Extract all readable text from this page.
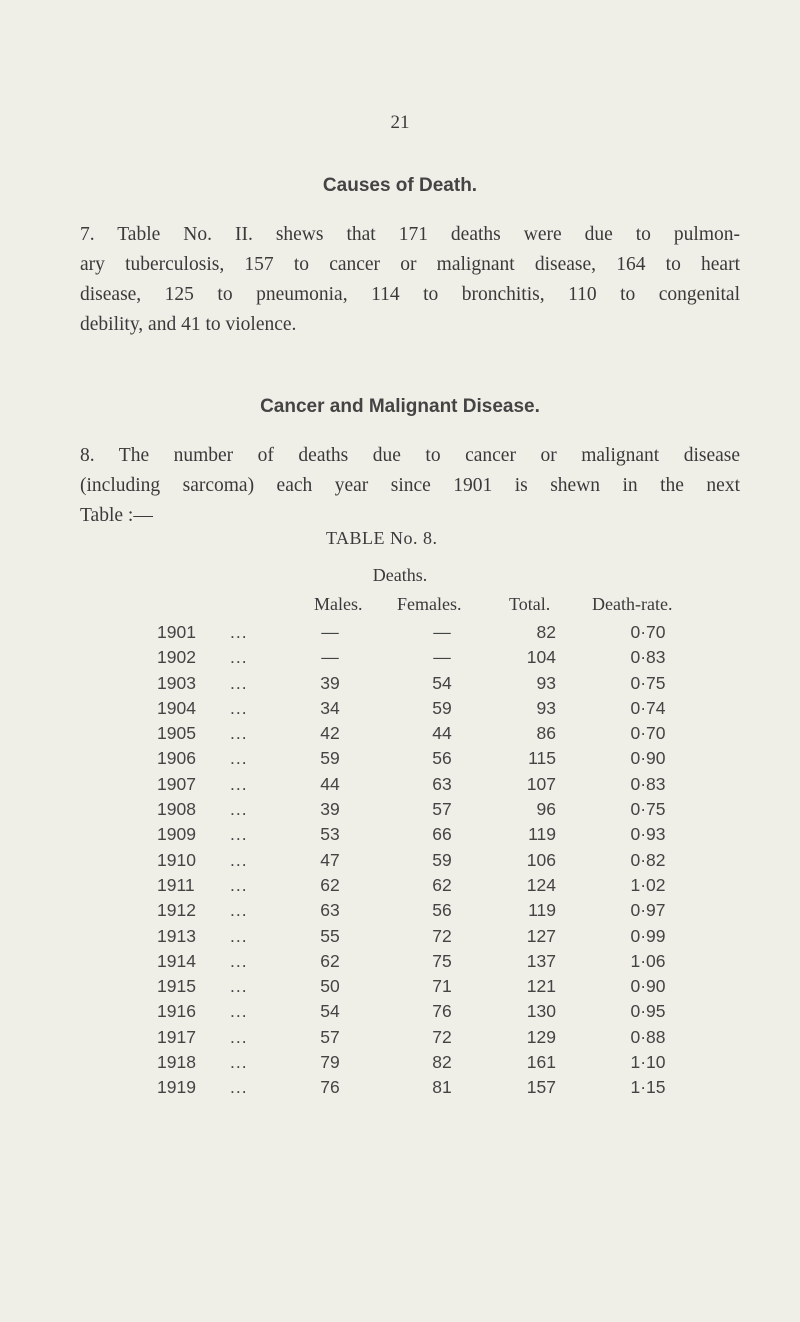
21
Causes of Death.
7. Table No. II. shews that 171 deaths were due to pulmon-
ary tuberculosis, 157 to cancer or malignant disease, 164 to heart
disease, 125 to pneumonia, 114 to bronchitis, 110 to congenital
debility, and 41 to violence.
Cancer and Malignant Disease.
8. The number of deaths due to cancer or malignant disease
(including sarcoma) each year since 1901 is shewn in the next
Table :—
TABLE No. 8.
Deaths.
Males. Females.	Total. Death-rate.
1901 ...	—	—	82	0·70
1902 ...	—	—	104	0·83
1903 ...	39	54	93	0·75
1904 ...	34	59	93	0·74
1905 ...	42	44	86	0·70
1906 ...	59	56	115	0·90
1907 ...	44	63	107	0·83
1908 ...	39	57	96	0·75
1909 ...	53	66	119	0·93
1910 ...	47	59	106	0·82
1911 ...	62	62	124	1·02
1912 ...	63	56	119	0·97
1913 ...	55	72	127	0·99
1914 ...	62	75	137	1·06
1915 ...	50	71	121	0·90
1916 ...	54	76	130	0·95
1917 ...	57	72	129	0·88
1918 ...	79	82	161	1·10
1919 ...	76	81	157	1·15
